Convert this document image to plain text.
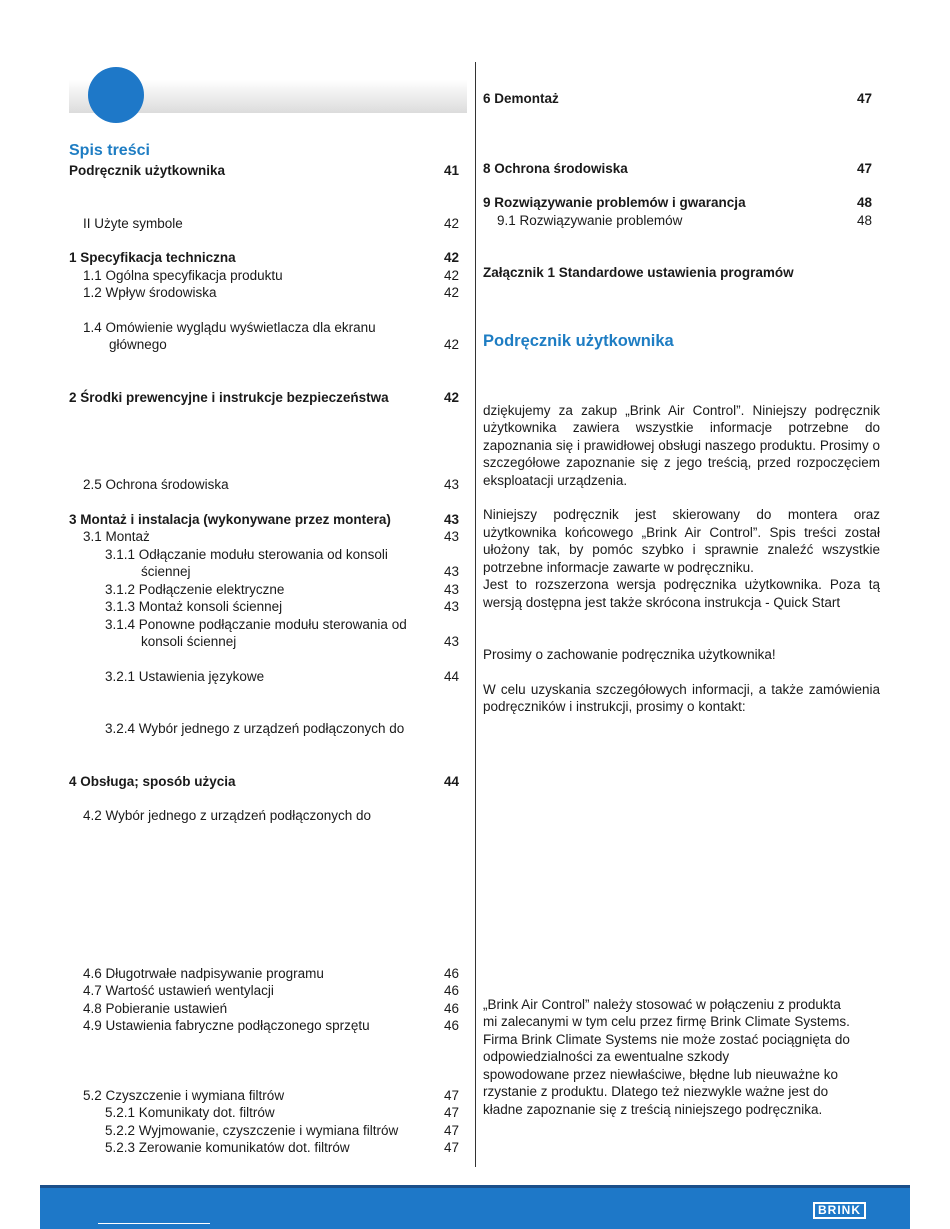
Spis treści
Podręcznik użytkownika	41
II Użyte symbole	42
1 Specyfikacja techniczna	42
1.1 Ogólna specyfikacja produktu	42
1.2 Wpływ środowiska	42
1.4 Omówienie wyglądu wyświetlacza dla ekranu
głównego	42
2 Środki prewencyjne i instrukcje bezpieczeństwa	42
2.5 Ochrona środowiska	43
3 Montaż i instalacja (wykonywane przez montera)	43
3.1 Montaż	43
3.1.1 Odłączanie modułu sterowania od konsoli
ściennej	43
3.1.2 Podłączenie elektryczne	43
3.1.3 Montaż konsoli ściennej	43
3.1.4 Ponowne podłączanie modułu sterowania od
konsoli ściennej	43
3.2.1 Ustawienia językowe	44
3.2.4 Wybór jednego z urządzeń podłączonych do
4 Obsługa; sposób użycia	44
4.2 Wybór jednego z urządzeń podłączonych do
4.6 Długotrwałe nadpisywanie programu	46
4.7 Wartość ustawień wentylacji	46
4.8 Pobieranie ustawień	46
4.9 Ustawienia fabryczne podłączonego sprzętu	46
5.2 Czyszczenie i wymiana filtrów	47
5.2.1 Komunikaty dot. filtrów	47
5.2.2 Wyjmowanie, czyszczenie i wymiana filtrów	47
5.2.3 Zerowanie komunikatów dot. filtrów	47
6 Demontaż	47
8 Ochrona środowiska	47
9 Rozwiązywanie problemów i gwarancja	48
9.1 Rozwiązywanie problemów	48
Załącznik 1 Standardowe ustawienia programów
Podręcznik użytkownika

dziękujemy za zakup „Brink Air Control”. Niniejszy podręcznik użytkownika zawiera wszystkie informacje potrzebne do zapoznania się i prawidłowej obsługi naszego produktu. Prosimy o szczegółowe zapoznanie się z jego treścią, przed rozpoczęciem eksploatacji urządzenia.

Niniejszy podręcznik jest skierowany do montera oraz użytkownika końcowego „Brink Air Control”. Spis treści został ułożony tak, by pomóc szybko i sprawnie znaleźć wszystkie potrzebne informacje zawarte w podręczniku.

Jest to rozszerzona wersja podręcznika użytkownika. Poza tą wersją dostępna jest także skrócona instrukcja - Quick Start

Prosimy o zachowanie podręcznika użytkownika!

W celu uzyskania szczegółowych informacji, a także zamówienia podręczników i instrukcji, prosimy o kontakt:

„Brink Air Control” należy stosować w połączeniu z produkta

mi zalecanymi w tym celu przez firmę Brink Climate Systems.

Firma Brink Climate Systems nie może zostać pociągnięta do

odpowiedzialności za ewentualne szkody

spowodowane przez niewłaściwe, błędne lub nieuważne ko

rzystanie z produktu. Dlatego też niezwykle ważne jest do

kładne zapoznanie się z treścią niniejszego podręcznika.

BRINK
